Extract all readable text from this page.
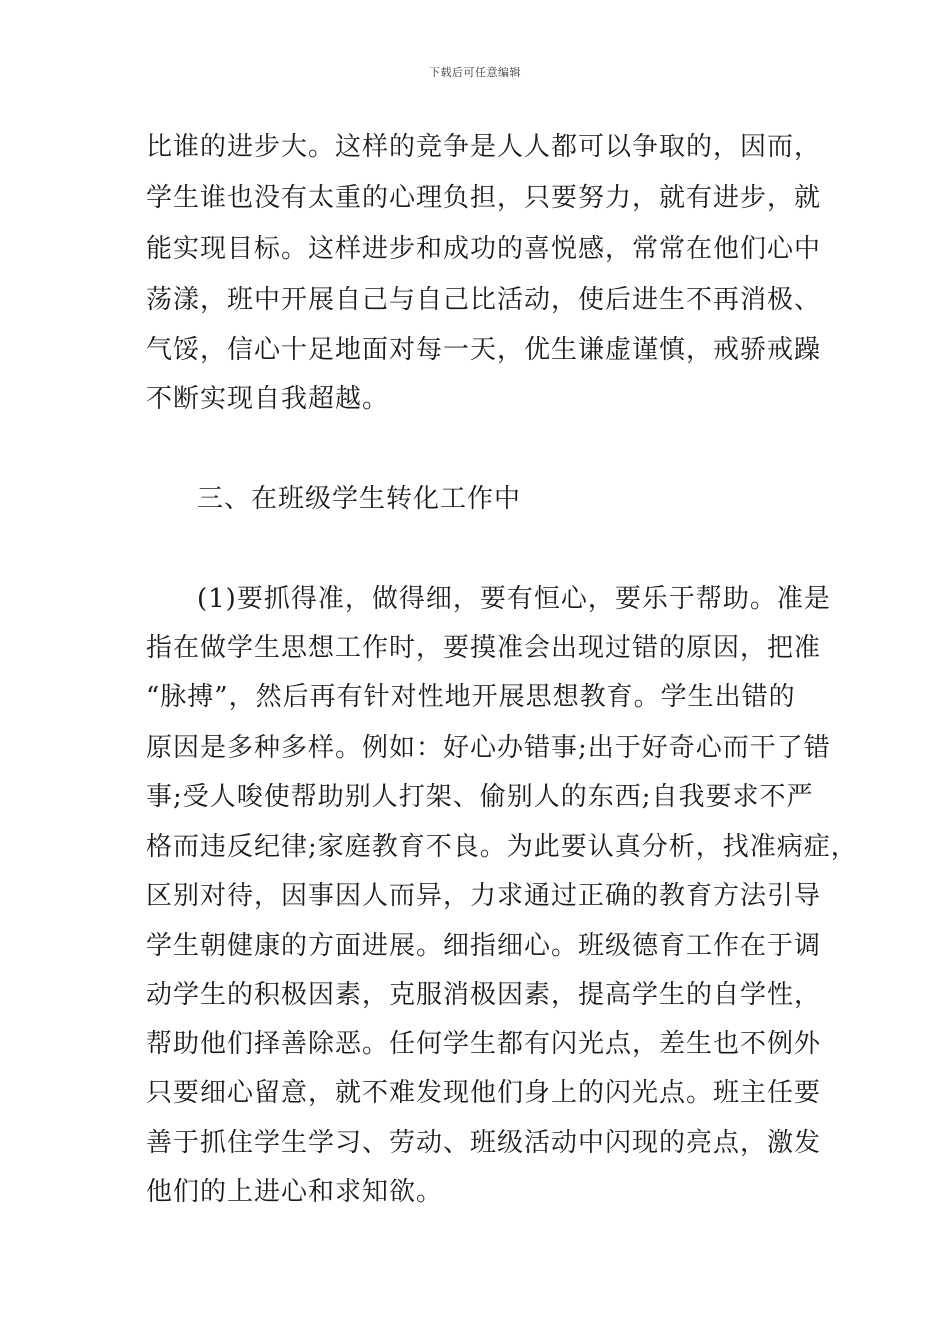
下载后可任意编辑
比谁的进步大。这样的竞争是人人都可以争取的，因而，
学生谁也没有太重的心理负担，只要努力，就有进步，就
能实现目标。这样进步和成功的喜悦感，常常在他们心中
荡漾，班中开展自己与自己比活动，使后进生不再消极、
气馁，信心十足地面对每一天，优生谦虚谨慎，戒骄戒躁
不断实现自我超越。
三、在班级学生转化工作中
(1)要抓得准，做得细，要有恒心，要乐于帮助。准是
指在做学生思想工作时，要摸准会出现过错的原因，把准
“脉搏”，然后再有针对性地开展思想教育。学生出错的
原因是多种多样。例如：好心办错事;出于好奇心而干了错
事;受人唆使帮助别人打架、偷别人的东西;自我要求不严
格而违反纪律;家庭教育不良。为此要认真分析，找准病症，
区别对待，因事因人而异，力求通过正确的教育方法引导
学生朝健康的方面进展。细指细心。班级德育工作在于调
动学生的积极因素，克服消极因素，提高学生的自学性，
帮助他们择善除恶。任何学生都有闪光点，差生也不例外
只要细心留意，就不难发现他们身上的闪光点。班主任要
善于抓住学生学习、劳动、班级活动中闪现的亮点，激发
他们的上进心和求知欲。
